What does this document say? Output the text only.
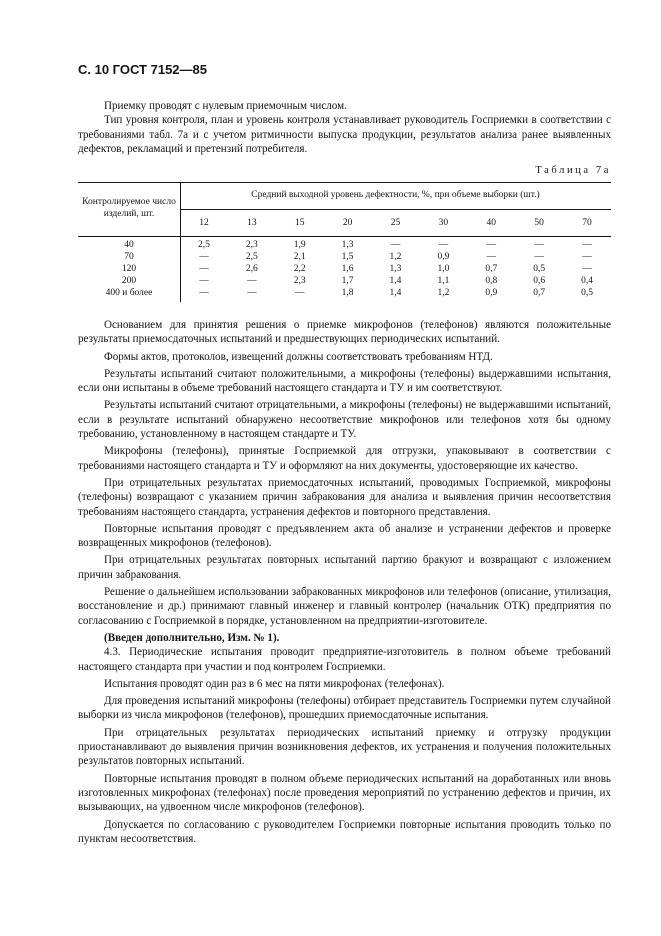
С. 10 ГОСТ 7152—85

Приемку проводят с нулевым приемочным числом.

Тип уровня контроля, план и уровень контроля устанавливает руководитель Госприемки в соответствии с требованиями табл. 7а и с учетом ритмичности выпуска продукции, результатов анализа ранее выявленных дефектов, рекламаций и претензий потребителя.

Таблица 7а
Контролируемое число изделий, шт.
Средний выходной уровень дефектности, %, при объеме выборки (шт.)
12	13	15	20	25	30	40	50	70
40	2,5	2,3	1,9	1,3	—	—	—	—	—
70	—	2,5	2,1	1,5	1,2	0,9	—	—	—
120	—	2,6	2,2	1,6	1,3	1,0	0,7	0,5	—
200	—	—	2,3	1,7	1,4	1,1	0,8	0,6	0,4
400 и более	—	—	—	1,8	1,4	1,2	0,9	0,7	0,5

Основанием для принятия решения о приемке микрофонов (телефонов) являются положительные результаты приемосдаточных испытаний и предшествующих периодических испытаний.

Формы актов, протоколов, извещений должны соответствовать требованиям НТД.

Результаты испытаний считают положительными, а микрофоны (телефоны) выдержавшими испытания, если они испытаны в объеме требований настоящего стандарта и ТУ и им соответствуют.

Результаты испытаний считают отрицательными, а микрофоны (телефоны) не выдержавшими испытаний, если в результате испытаний обнаружено несоответствие микрофонов или телефонов хотя бы одному требованию, установленному в настоящем стандарте и ТУ.

Микрофоны (телефоны), принятые Госприемкой для отгрузки, упаковывают в соответствии с требованиями настоящего стандарта и ТУ и оформляют на них документы, удостоверяющие их качество.

При отрицательных результатах приемосдаточных испытаний, проводимых Госприемкой, микрофоны (телефоны) возвращают с указанием причин забракования для анализа и выявления причин несоответствия требованиям настоящего стандарта, устранения дефектов и повторного представления.

Повторные испытания проводят с предъявлением акта об анализе и устранении дефектов и проверке возвращенных микрофонов (телефонов).

При отрицательных результатах повторных испытаний партию бракуют и возвращают с изложением причин забракования.

Решение о дальнейшем использовании забракованных микрофонов или телефонов (описание, утилизация, восстановление и др.) принимают главный инженер и главный контролер (начальник ОТК) предприятия по согласованию с Госприемкой в порядке, установленном на предприятии-изготовителе.

(Введен дополнительно, Изм. № 1).

4.3. Периодические испытания проводит предприятие-изготовитель в полном объеме требований настоящего стандарта при участии и под контролем Госприемки.

Испытания проводят один раз в 6 мес на пяти микрофонах (телефонах).

Для проведения испытаний микрофоны (телефоны) отбирает представитель Госприемки путем случайной выборки из числа микрофонов (телефонов), прошедших приемосдаточные испытания.

При отрицательных результатах периодических испытаний приемку и отгрузку продукции приостанавливают до выявления причин возникновения дефектов, их устранения и получения положительных результатов повторных испытаний.

Повторные испытания проводят в полном объеме периодических испытаний на доработанных или вновь изготовленных микрофонах (телефонах) после проведения мероприятий по устранению дефектов и причин, их вызывающих, на удвоенном числе микрофонов (телефонов).

Допускается по согласованию с руководителем Госприемки повторные испытания проводить только по пунктам несоответствия.
